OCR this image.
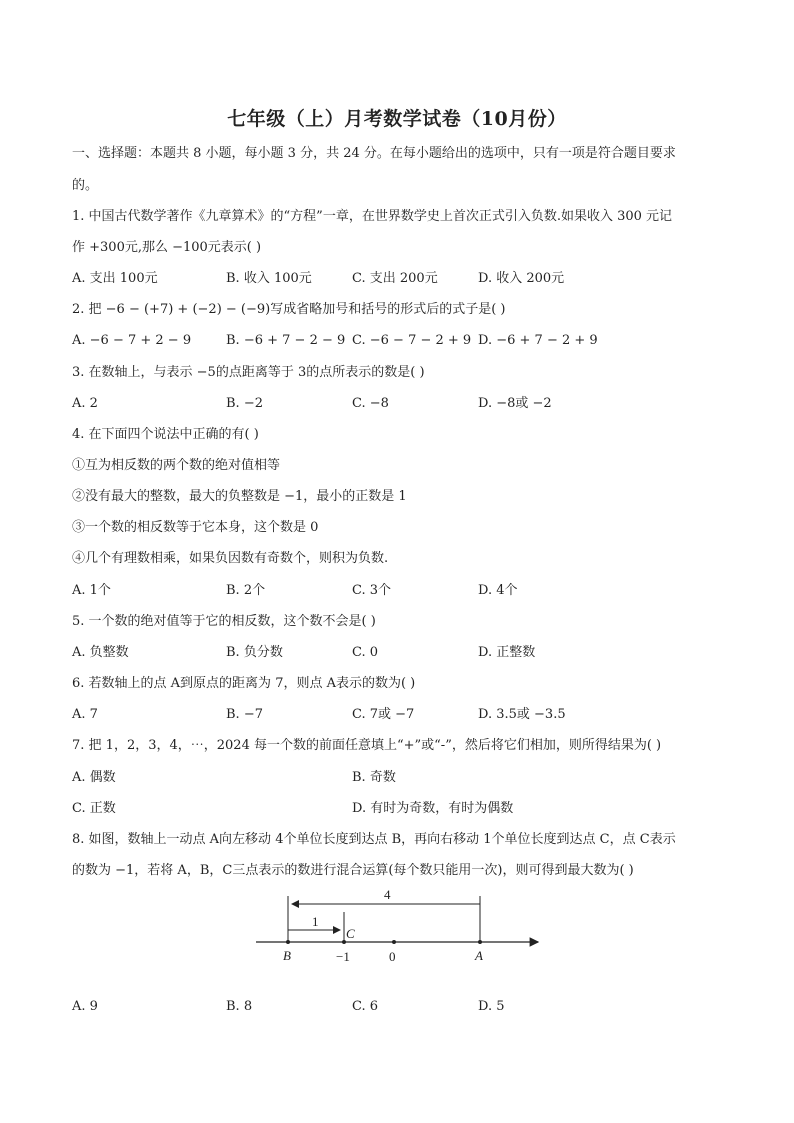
七年级（上）月考数学试卷（10月份）
一、选择题：本题共 8 小题，每小题 3 分，共 24 分。在每小题给出的选项中，只有一项是符合题目要求
的。
1. 中国古代数学著作《九章算术》的“方程”一章，在世界数学史上首次正式引入负数.如果收入 300 元记
作 +300元,那么 −100元表示( )
A. 支出 100元	B. 收入 100元	C. 支出 200元	D. 收入 200元
2. 把 −6 − (+7) + (−2) − (−9)写成省略加号和括号的形式后的式子是( )
A. −6 − 7 + 2 − 9	B. −6 + 7 − 2 − 9 C. −6 − 7 − 2 + 9 D. −6 + 7 − 2 + 9
3. 在数轴上，与表示 −5的点距离等于 3的点所表示的数是( )
A. 2	B. −2	C. −8	D. −8或 −2
4. 在下面四个说法中正确的有( )
①互为相反数的两个数的绝对值相等
②没有最大的整数，最大的负整数是 −1，最小的正数是 1
③一个数的相反数等于它本身，这个数是 0
④几个有理数相乘，如果负因数有奇数个，则积为负数.
A. 1个	B. 2个	C. 3个	D. 4个
5. 一个数的绝对值等于它的相反数，这个数不会是( )
A. 负整数	B. 负分数	C. 0	D. 正整数
6. 若数轴上的点 A到原点的距离为 7，则点 A表示的数为( )
A. 7	B. −7	C. 7或 −7	D. 3.5或 −3.5
7. 把 1，2，3，4，⋯，2024 每一个数的前面任意填上“+”或“-”，然后将它们相加，则所得结果为( )
A. 偶数	B. 奇数
C. 正数	D. 有时为奇数，有时为偶数
8. 如图，数轴上一动点 A向左移动 4个单位长度到达点 B，再向右移动 1个单位长度到达点 C，点 C表示
的数为 −1，若将 A，B，C三点表示的数进行混合运算(每个数只能用一次)，则可得到最大数为( )
4
1
C
B	−1	0	A
A. 9	B. 8	C. 6	D. 5
